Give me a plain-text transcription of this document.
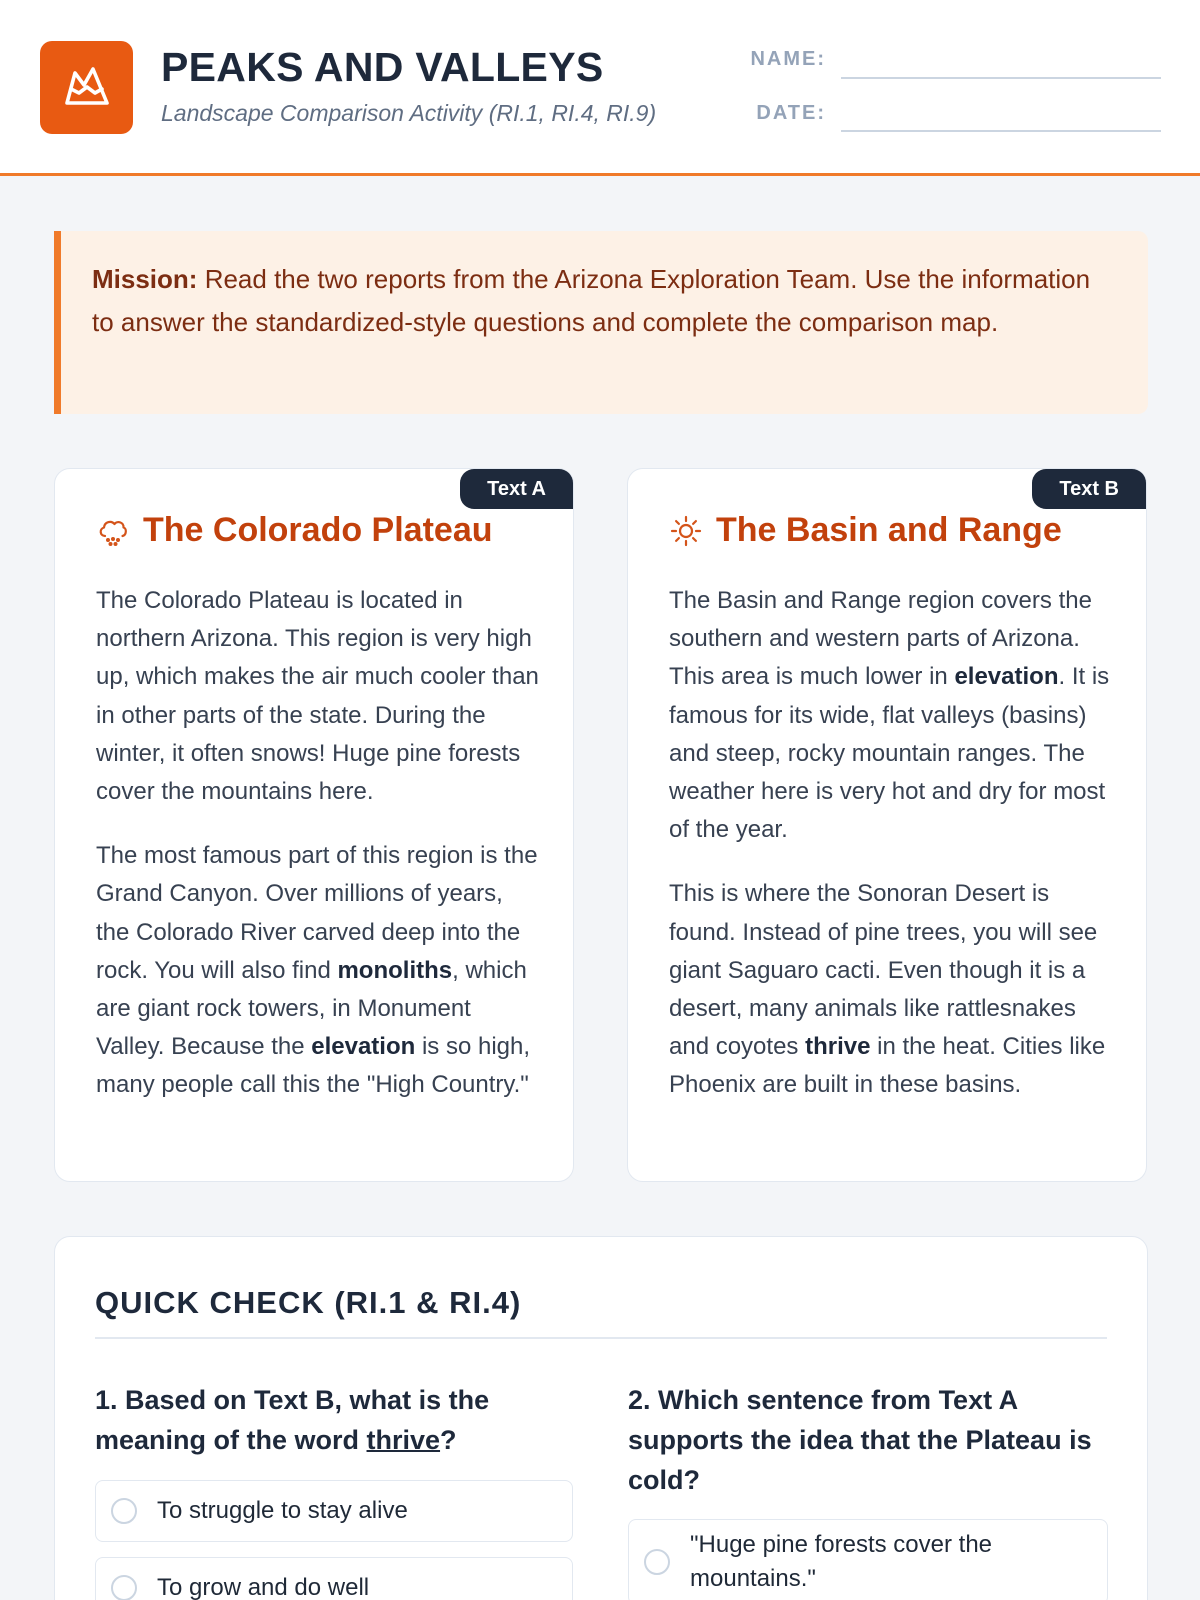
PEAKS AND VALLEYS
Landscape Comparison Activity (RI.1, RI.4, RI.9)
NAME:
DATE:
Mission: Read the two reports from the Arizona Exploration Team. Use the information to answer the standardized-style questions and complete the comparison map.
Text A
The Colorado Plateau

The Colorado Plateau is located in northern Arizona. This region is very high up, which makes the air much cooler than in other parts of the state. During the winter, it often snows! Huge pine forests cover the mountains here.

The most famous part of this region is the Grand Canyon. Over millions of years, the Colorado River carved deep into the rock. You will also find monoliths, which are giant rock towers, in Monument Valley. Because the elevation is so high, many people call this the "High Country."

Text B
The Basin and Range

The Basin and Range region covers the southern and western parts of Arizona. This area is much lower in elevation. It is famous for its wide, flat valleys (basins) and steep, rocky mountain ranges. The weather here is very hot and dry for most of the year.

This is where the Sonoran Desert is found. Instead of pine trees, you will see giant Saguaro cacti. Even though it is a desert, many animals like rattlesnakes and coyotes thrive in the heat. Cities like Phoenix are built in these basins.

QUICK CHECK (RI.1 & RI.4)
1. Based on Text B, what is the meaning of the word thrive?
To struggle to stay alive
To grow and do well
2. Which sentence from Text A supports the idea that the Plateau is cold?
"Huge pine forests cover the mountains."
